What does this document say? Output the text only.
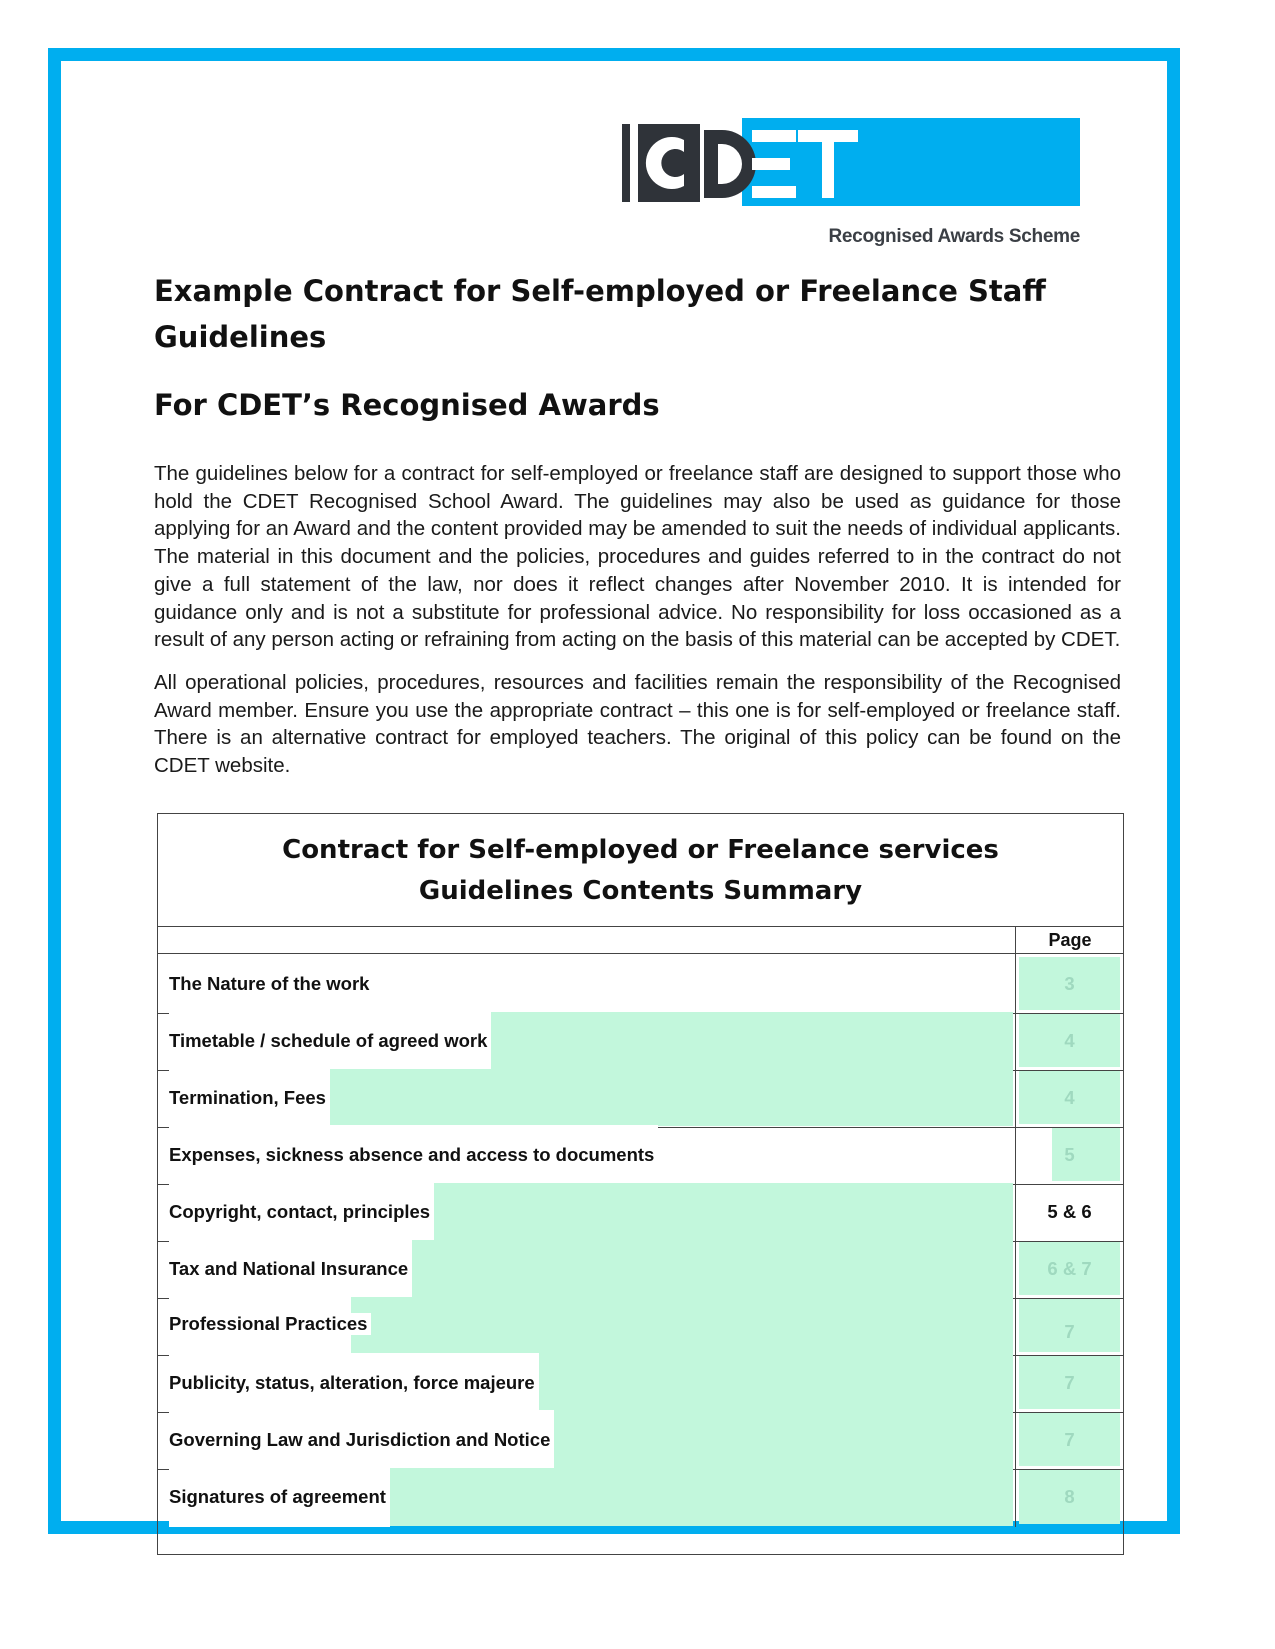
Recognised Awards Scheme
Example Contract for Self-employed or Freelance Staff Guidelines
For CDET’s Recognised Awards

The guidelines below for a contract for self-employed or freelance staff are designed to support those who hold the CDET Recognised School Award. The guidelines may also be used as guidance for those applying for an Award and the content provided may be amended to suit the needs of individual applicants. The material in this document and the policies, procedures and guides referred to in the contract do not give a full statement of the law, nor does it reflect changes after November 2010. It is intended for guidance only and is not a substitute for professional advice. No responsibility for loss occasioned as a result of any person acting or refraining from acting on the basis of this material can be accepted by CDET.

All operational policies, procedures, resources and facilities remain the responsibility of the Recognised Award member. Ensure you use the appropriate contract – this one is for self-employed or freelance staff. There is an alternative contract for employed teachers. The original of this policy can be found on the CDET website.

Contract for Self-employed or Freelance services
Guidelines Contents Summary
Page
The Nature of the work	3
Timetable / schedule of agreed work	4
Termination, Fees	4
Expenses, sickness absence and access to documents	5
Copyright, contact, principles	5 & 6
Tax and National Insurance	6 & 7
Professional Practices	7
Publicity, status, alteration, force majeure	7
Governing Law and Jurisdiction and Notice	7
Signatures of agreement	8
